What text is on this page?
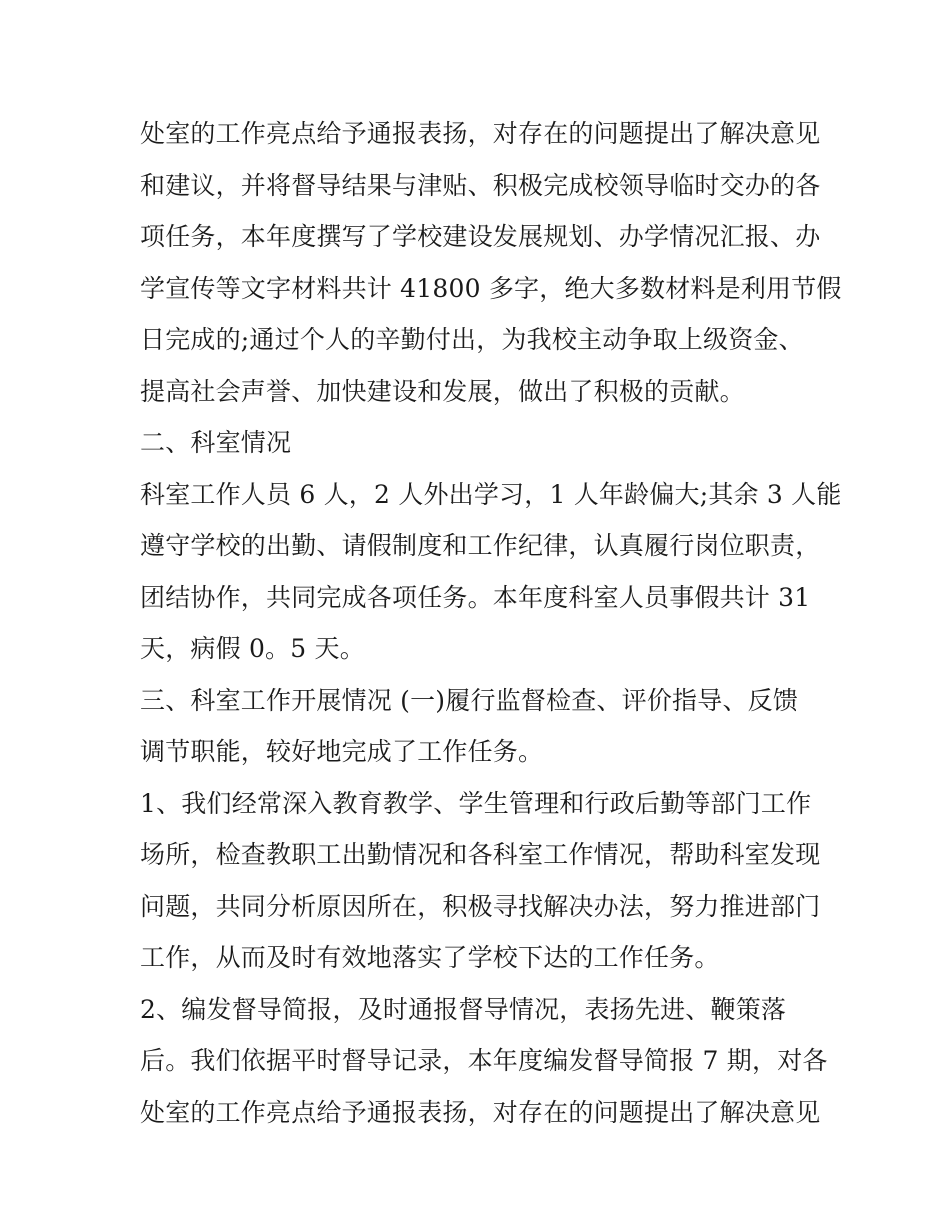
处室的工作亮点给予通报表扬，对存在的问题提出了解决意见
和建议，并将督导结果与津贴、积极完成校领导临时交办的各
项任务，本年度撰写了学校建设发展规划、办学情况汇报、办
学宣传等文字材料共计 41800 多字，绝大多数材料是利用节假
日完成的;通过个人的辛勤付出，为我校主动争取上级资金、
提高社会声誉、加快建设和发展，做出了积极的贡献。
二、科室情况
科室工作人员 6 人，2 人外出学习，1 人年龄偏大;其余 3 人能
遵守学校的出勤、请假制度和工作纪律，认真履行岗位职责，
团结协作，共同完成各项任务。本年度科室人员事假共计 31
天，病假 0。5 天。
三、科室工作开展情况 (一)履行监督检查、评价指导、反馈
调节职能，较好地完成了工作任务。
1、我们经常深入教育教学、学生管理和行政后勤等部门工作
场所，检查教职工出勤情况和各科室工作情况，帮助科室发现
问题，共同分析原因所在，积极寻找解决办法，努力推进部门
工作，从而及时有效地落实了学校下达的工作任务。
2、编发督导简报，及时通报督导情况，表扬先进、鞭策落
后。我们依据平时督导记录，本年度编发督导简报 7 期，对各
处室的工作亮点给予通报表扬，对存在的问题提出了解决意见
